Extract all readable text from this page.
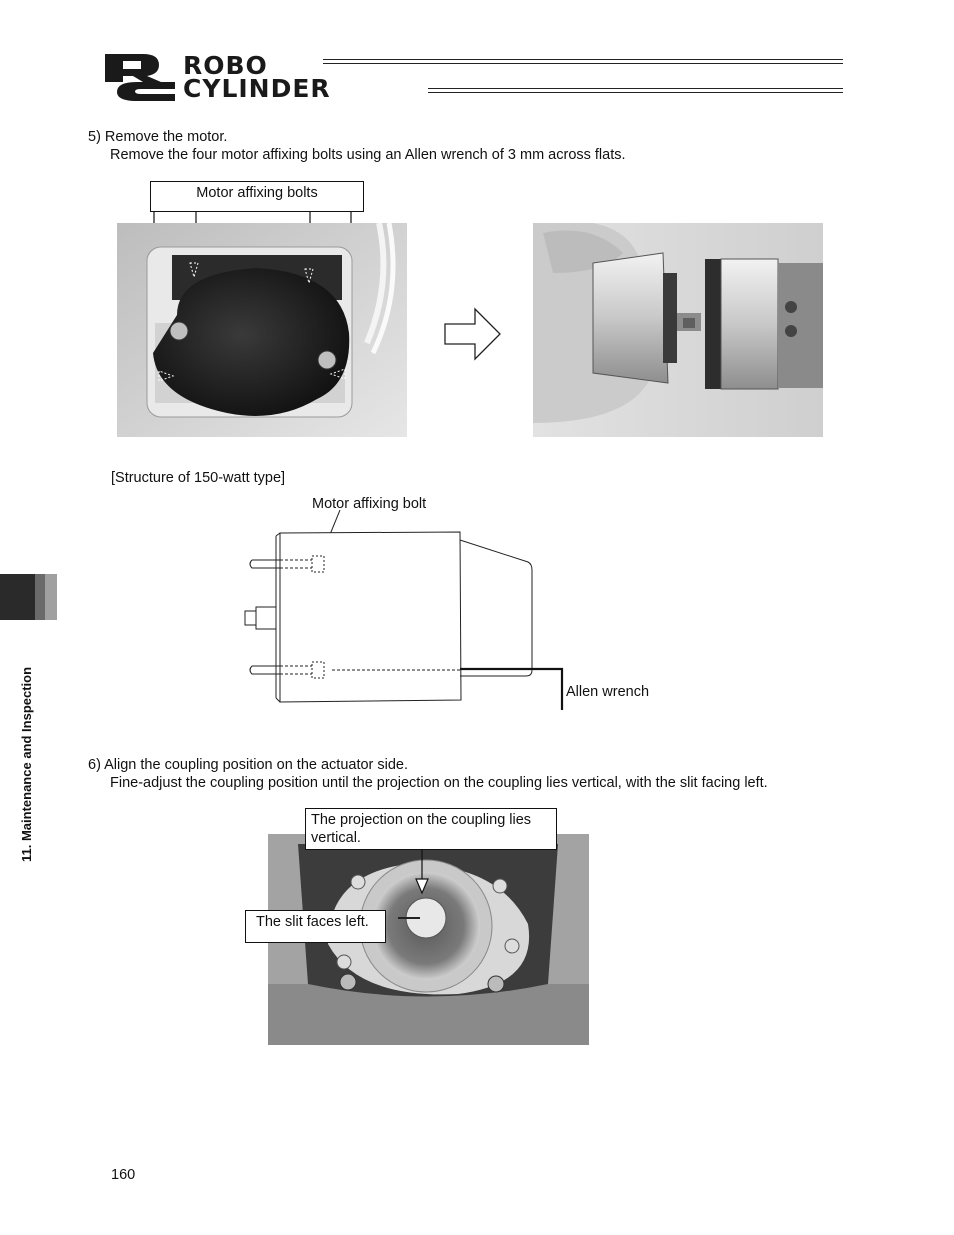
ROBO
CYLINDER
11. Maintenance and Inspection
5) Remove the motor.
Remove the four motor affixing bolts using an Allen wrench of 3 mm across flats.
Motor affixing bolts
[Structure of 150-watt type]
Motor affixing bolt
Allen wrench
6) Align the coupling position on the actuator side.
Fine-adjust the coupling position until the projection on the coupling lies vertical, with the slit facing left.
The projection on the coupling lies
vertical.
The slit faces left.
160
